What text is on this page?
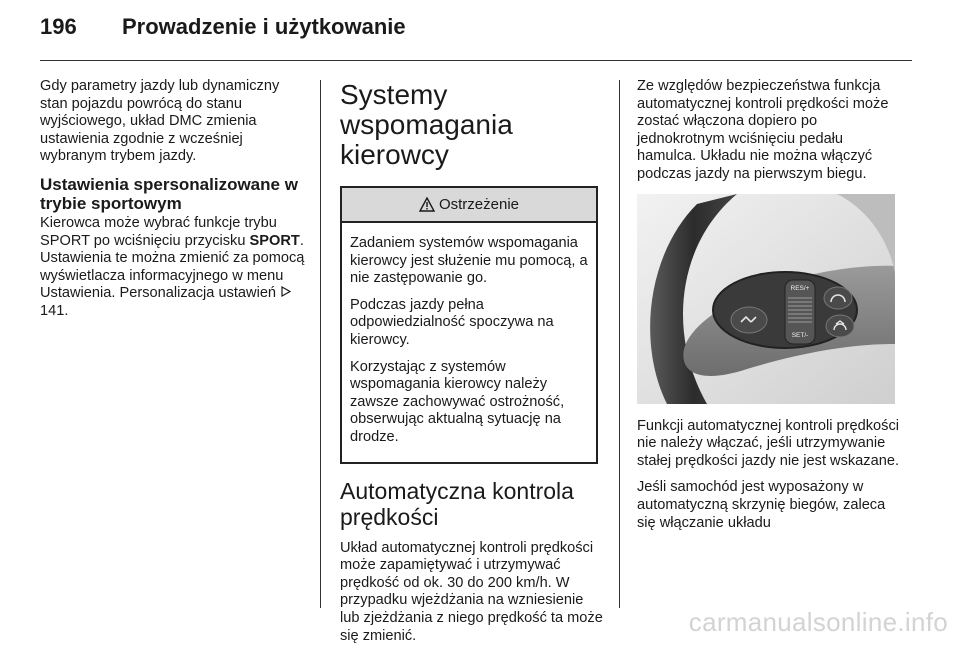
196 Prowadzenie i użytkowanie

Gdy parametry jazdy lub dynamiczny stan pojazdu powrócą do stanu wyjściowego, układ DMC zmienia ustawienia zgodnie z wcześniej wybranym trybem jazdy.

Ustawienia spersonalizowane w trybie sportowym

Kierowca może wybrać funkcje trybu SPORT po wciśnięciu przycisku SPORT. Ustawienia te można zmienić za pomocą wyświetlacza informacyjnego w menu Ustawienia. Personalizacja ustawień  141.

Systemy wspomagania kierowcy
Ostrzeżenie

Zadaniem systemów wspomagania kierowcy jest służenie mu pomocą, a nie zastępowanie go.

Podczas jazdy pełna odpowiedzialność spoczywa na kierowcy.

Korzystając z systemów wspomagania kierowcy należy zawsze zachowywać ostrożność, obserwując aktualną sytuację na drodze.

Automatyczna kontrola prędkości

Układ automatycznej kontroli prędkości może zapamiętywać i utrzymywać prędkość od ok. 30 do 200 km/h. W przypadku wjeżdżania na wzniesienie lub zjeżdżania z niego prędkość ta może się zmienić.

Ze względów bezpieczeństwa funkcja automatycznej kontroli prędkości może zostać włączona dopiero po jednokrotnym wciśnięciu pedału hamulca. Układu nie można włączyć podczas jazdy na pierwszym biegu.

RES/+
SET/-

Funkcji automatycznej kontroli prędkości nie należy włączać, jeśli utrzymywanie stałej prędkości jazdy nie jest wskazane.

Jeśli samochód jest wyposażony w automatyczną skrzynię biegów, zaleca się włączanie układu

carmanualsonline.info
